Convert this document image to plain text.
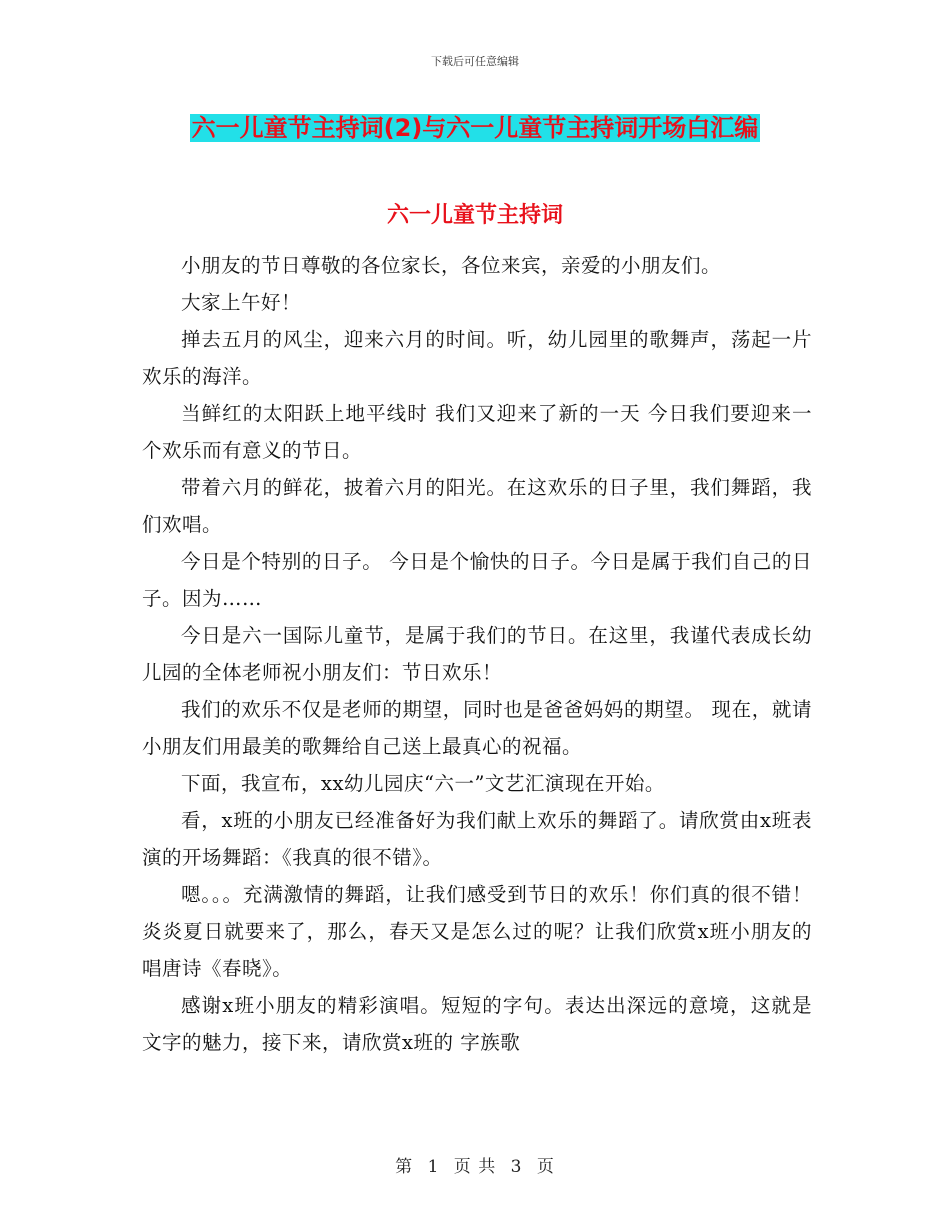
下载后可任意编辑
六一儿童节主持词(2)与六一儿童节主持词开场白汇编
六一儿童节主持词

小朋友的节日尊敬的各位家长，各位来宾，亲爱的小朋友们。

大家上午好！

掸去五月的风尘，迎来六月的时间。听，幼儿园里的歌舞声，荡起一片欢乐的海洋。

当鲜红的太阳跃上地平线时 我们又迎来了新的一天 今日我们要迎来一个欢乐而有意义的节日。

带着六月的鲜花，披着六月的阳光。在这欢乐的日子里，我们舞蹈，我们欢唱。

今日是个特别的日子。 今日是个愉快的日子。今日是属于我们自己的日子。因为……

今日是六一国际儿童节，是属于我们的节日。在这里，我谨代表成长幼儿园的全体老师祝小朋友们：节日欢乐！

我们的欢乐不仅是老师的期望，同时也是爸爸妈妈的期望。 现在，就请小朋友们用最美的歌舞给自己送上最真心的祝福。

下面，我宣布，xx幼儿园庆“六一”文艺汇演现在开始。

看，x班的小朋友已经准备好为我们献上欢乐的舞蹈了。请欣赏由x班表演的开场舞蹈：《我真的很不错》。

嗯。。。充满激情的舞蹈，让我们感受到节日的欢乐！你们真的很不错！炎炎夏日就要来了，那么，春天又是怎么过的呢？让我们欣赏x班小朋友的唱唐诗《春晓》。

感谢x班小朋友的精彩演唱。短短的字句。表达出深远的意境，这就是文字的魅力，接下来，请欣赏x班的 字族歌

第 1 页 共 3 页
